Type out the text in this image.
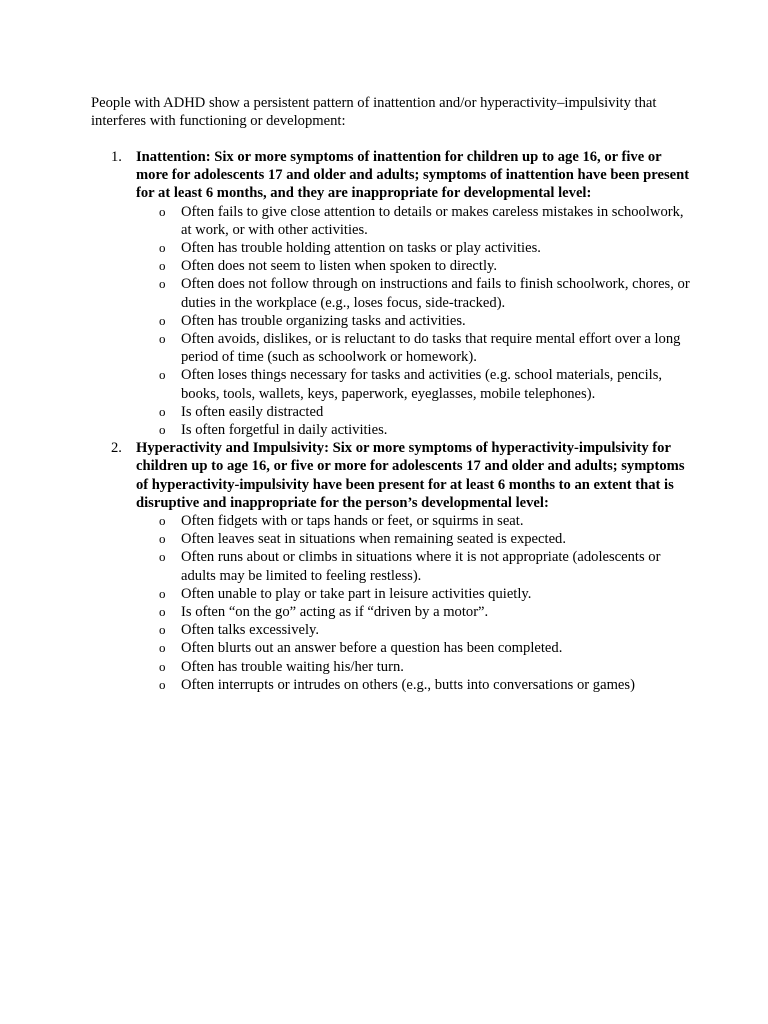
People with ADHD show a persistent pattern of inattention and/or hyperactivity–impulsivity that interferes with functioning or development:

1. Inattention: Six or more symptoms of inattention for children up to age 16, or five or more for adolescents 17 and older and adults; symptoms of inattention have been present for at least 6 months, and they are inappropriate for developmental level:
o Often fails to give close attention to details or makes careless mistakes in schoolwork, at work, or with other activities.
o Often has trouble holding attention on tasks or play activities.
o Often does not seem to listen when spoken to directly.
o Often does not follow through on instructions and fails to finish schoolwork, chores, or duties in the workplace (e.g., loses focus, side-tracked).
o Often has trouble organizing tasks and activities.
o Often avoids, dislikes, or is reluctant to do tasks that require mental effort over a long period of time (such as schoolwork or homework).
o Often loses things necessary for tasks and activities (e.g. school materials, pencils, books, tools, wallets, keys, paperwork, eyeglasses, mobile telephones).
o Is often easily distracted
o Is often forgetful in daily activities.
2. Hyperactivity and Impulsivity: Six or more symptoms of hyperactivity-impulsivity for children up to age 16, or five or more for adolescents 17 and older and adults; symptoms of hyperactivity-impulsivity have been present for at least 6 months to an extent that is disruptive and inappropriate for the person’s developmental level:
o Often fidgets with or taps hands or feet, or squirms in seat.
o Often leaves seat in situations when remaining seated is expected.
o Often runs about or climbs in situations where it is not appropriate (adolescents or adults may be limited to feeling restless).
o Often unable to play or take part in leisure activities quietly.
o Is often “on the go” acting as if “driven by a motor”.
o Often talks excessively.
o Often blurts out an answer before a question has been completed.
o Often has trouble waiting his/her turn.
o Often interrupts or intrudes on others (e.g., butts into conversations or games)
